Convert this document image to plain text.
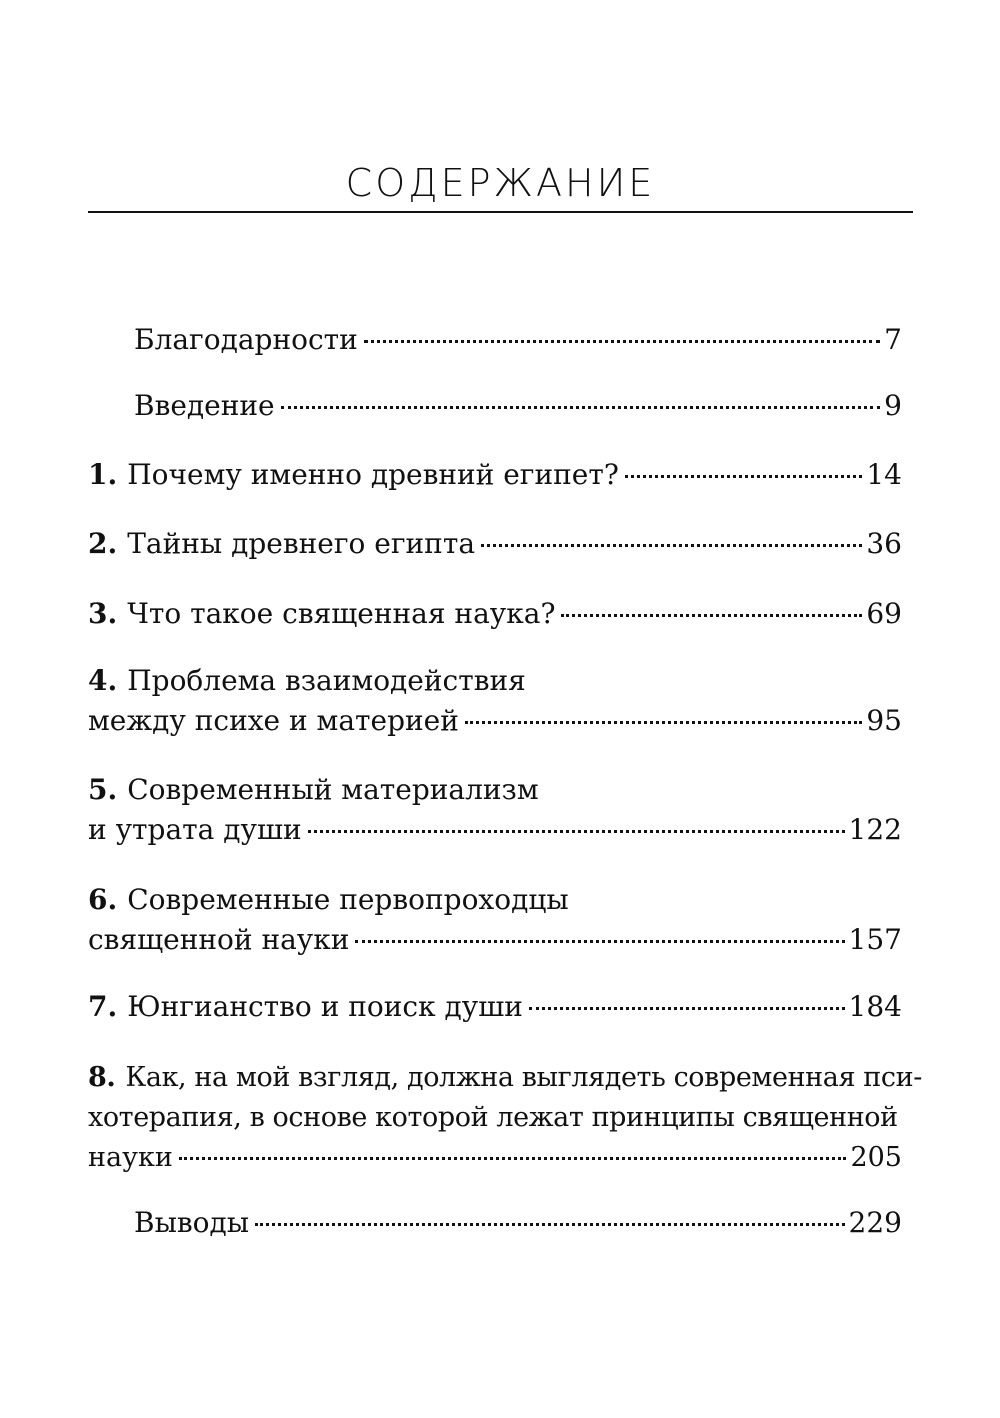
СОДЕРЖАНИЕ
Благодарности	7
Введение	9
1. Почему именно древний египет?	14
2. Тайны древнего египта	36
3. Что такое священная наука?	69
4. Проблема взаимодействия
между психе и материей	95
5. Современный материализм
и утрата души	122
6. Современные первопроходцы
священной науки	157
7. Юнгианство и поиск души	184
8. Как, на мой взгляд, должна выглядеть современная пси-
хотерапия, в основе которой лежат принципы священной
науки	205
Выводы	229
